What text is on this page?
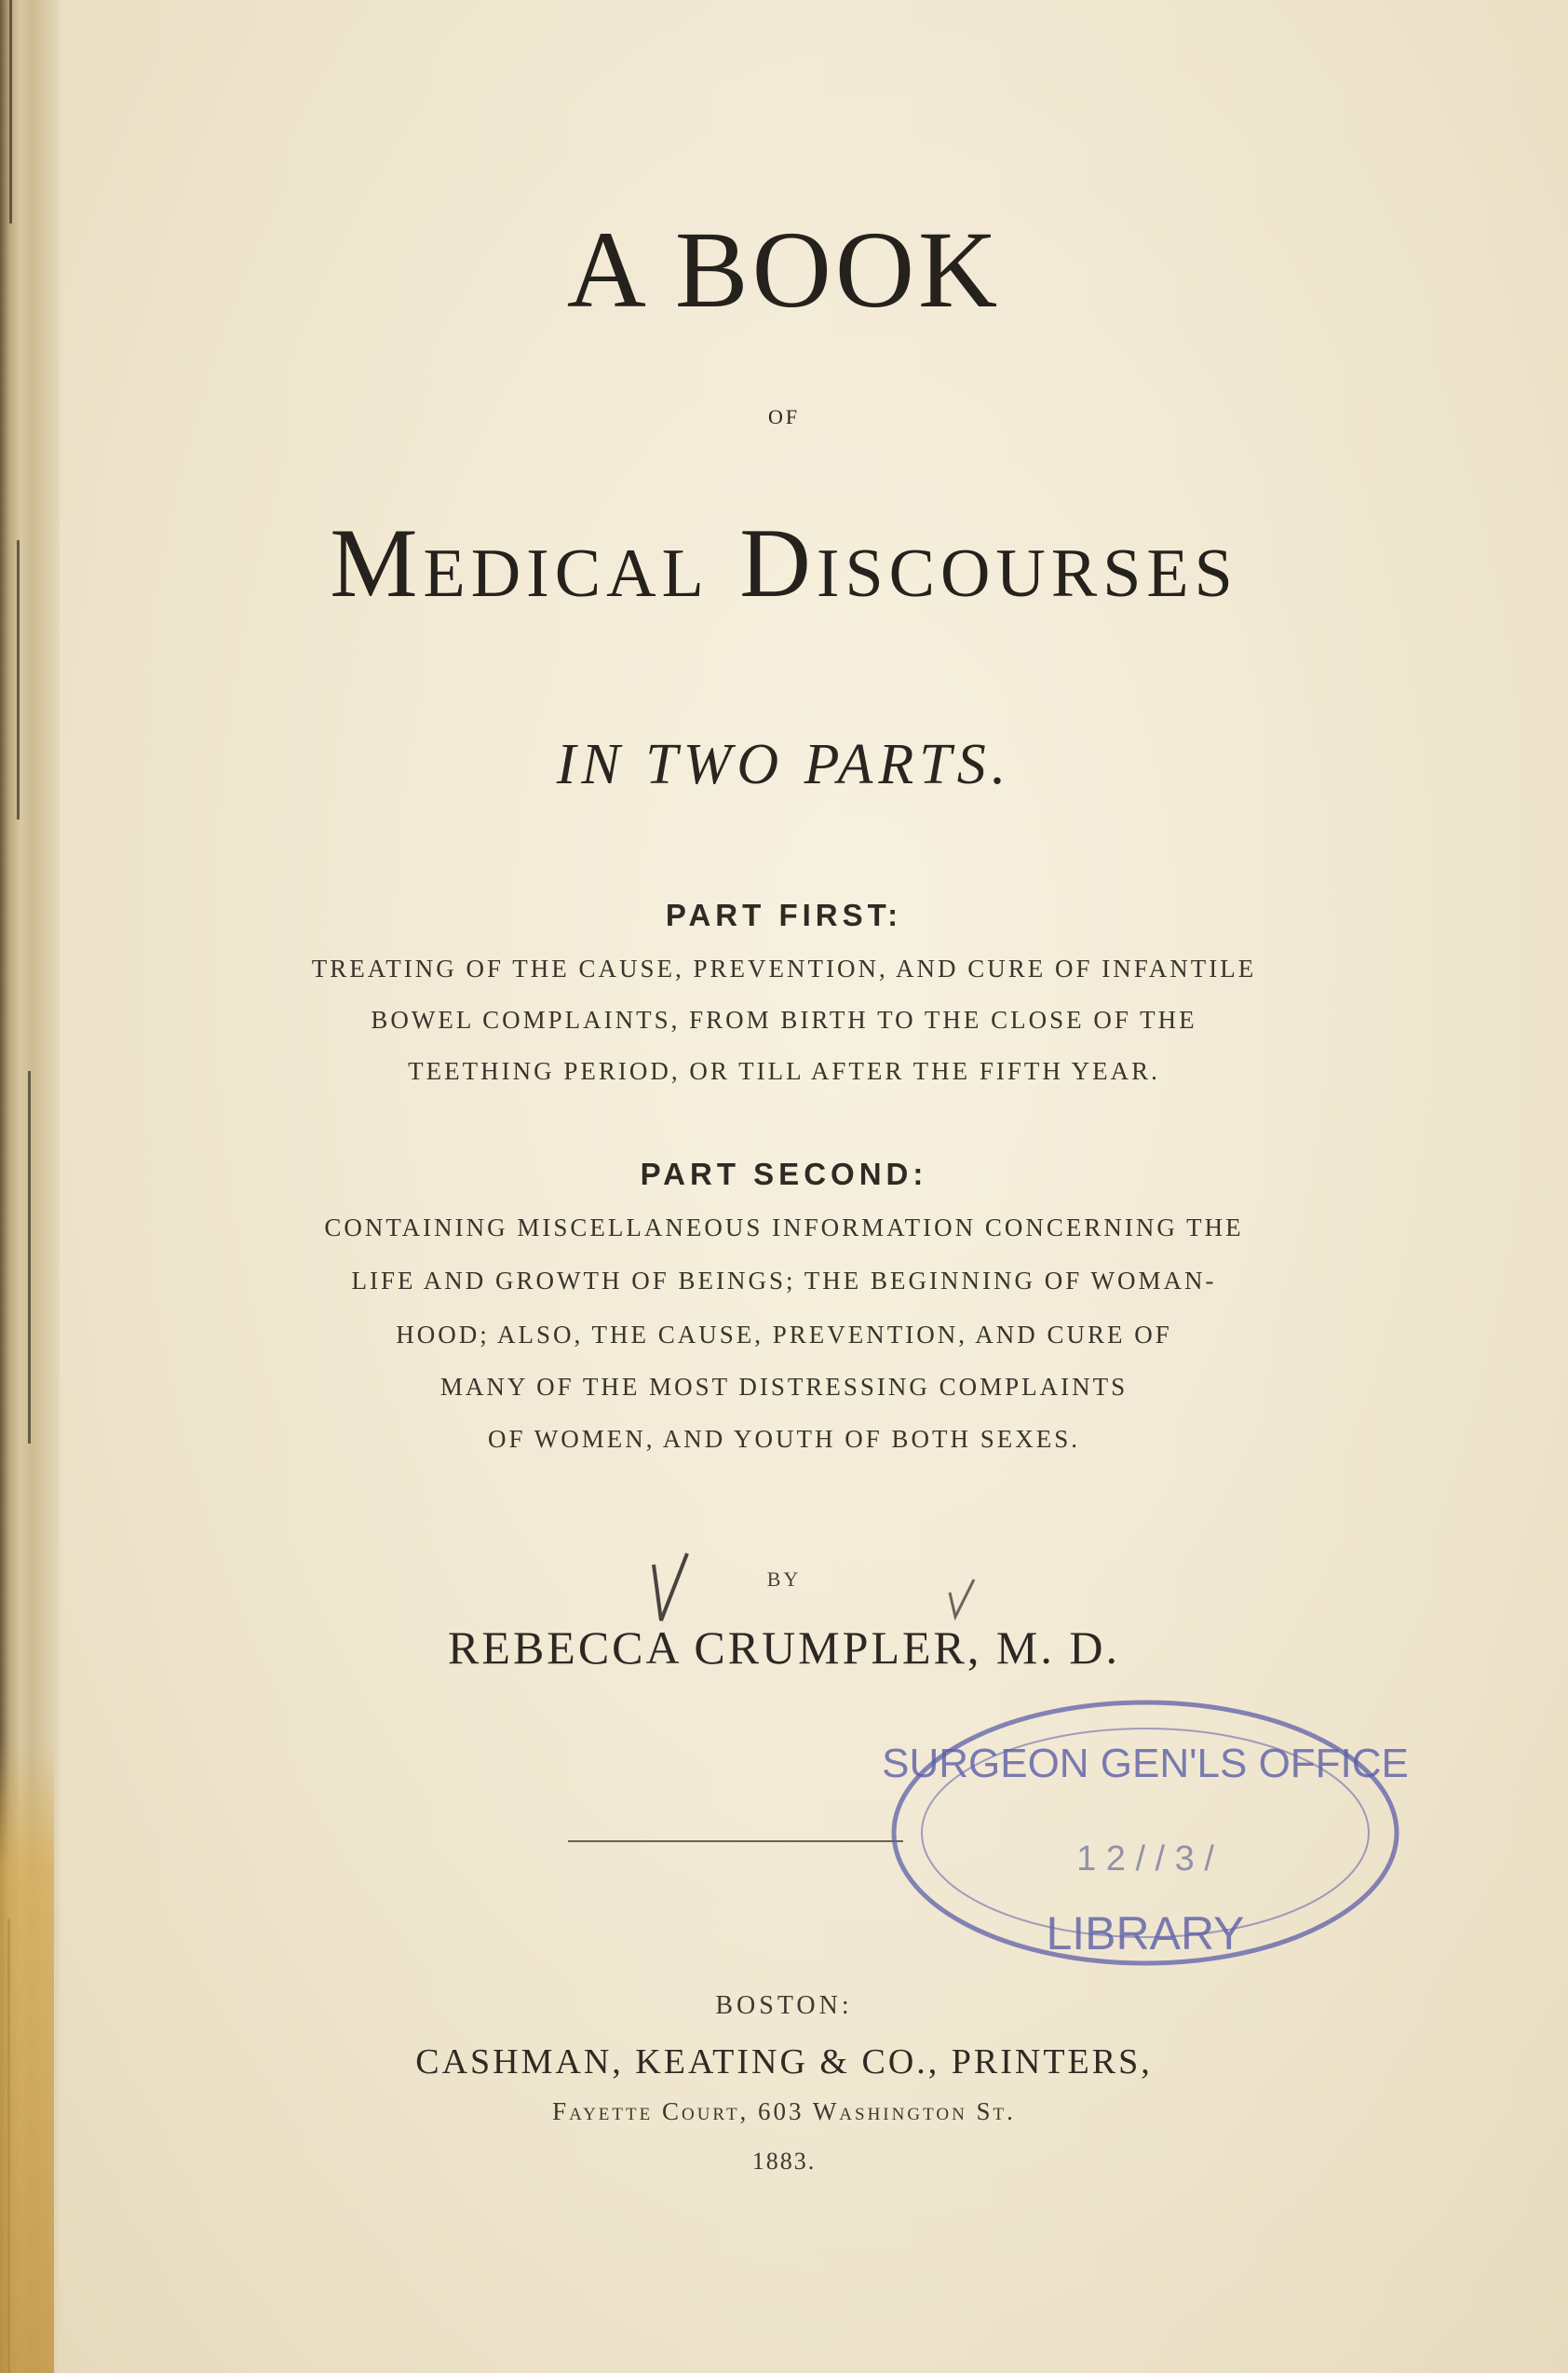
A BOOK
OF
Medical Discourses
IN TWO PARTS.
PART FIRST:
TREATING OF THE CAUSE, PREVENTION, AND CURE OF INFANTILE
BOWEL COMPLAINTS, FROM BIRTH TO THE CLOSE OF THE
TEETHING PERIOD, OR TILL AFTER THE FIFTH YEAR.
PART SECOND:
CONTAINING MISCELLANEOUS INFORMATION CONCERNING THE
LIFE AND GROWTH OF BEINGS; THE BEGINNING OF WOMAN-
HOOD; ALSO, THE CAUSE, PREVENTION, AND CURE OF
MANY OF THE MOST DISTRESSING COMPLAINTS
OF WOMEN, AND YOUTH OF BOTH SEXES.
BY
REBECCA CRUMPLER, M. D.
SURGEON GEN'LS OFFICE
1 2 / / 3 /
LIBRARY
BOSTON:
CASHMAN, KEATING & CO., PRINTERS,
Fayette Court, 603 Washington St.
1883.
